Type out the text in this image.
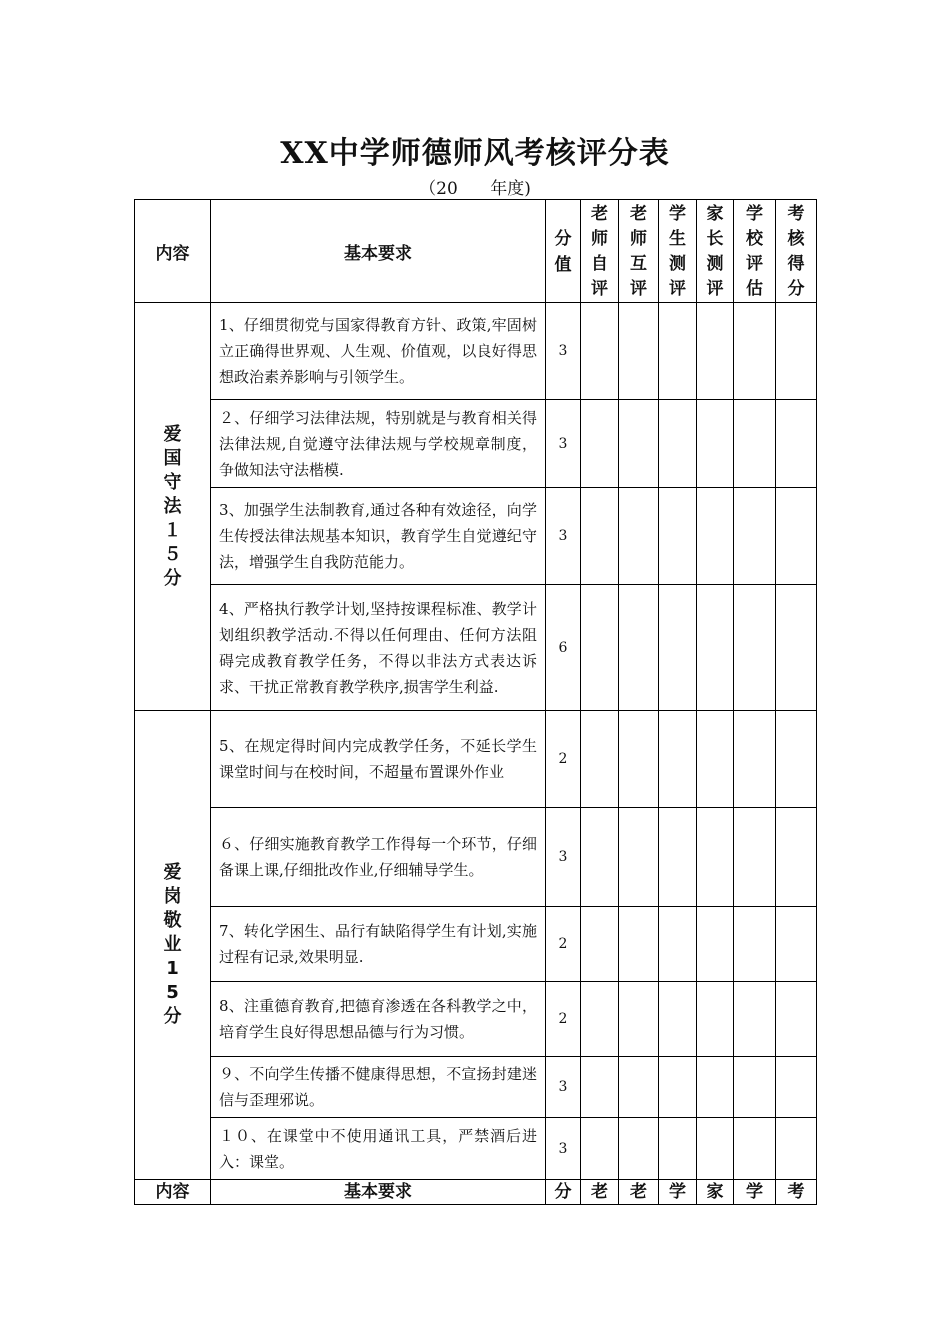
XX中学师德师风考核评分表
（20      年度)
内容	基本要求	分值	老师自评	老师互评	学生测评	家长测评	学校评估	考核得分

爱国守法１５分	1、仔细贯彻党与国家得教育方针、政策,牢固树立正确得世界观、人生观、价值观，以良好得思想政治素养影响与引领学生。	3						
	２、仔细学习法律法规，特别就是与教育相关得法律法规,自觉遵守法律法规与学校规章制度，争做知法守法楷模.	3						
	3、加强学生法制教育,通过各种有效途径，向学生传授法律法规基本知识，教育学生自觉遵纪守法，增强学生自我防范能力。	3						
	4、严格执行教学计划,坚持按课程标准、教学计划组织教学活动.不得以任何理由、任何方法阻碍完成教育教学任务，不得以非法方式表达诉求、干扰正常教育教学秩序,损害学生利益.	6						

爱岗敬业15分	5、在规定得时间内完成教学任务，不延长学生课堂时间与在校时间，不超量布置课外作业	2						
	６、仔细实施教育教学工作得每一个环节，仔细备课上课,仔细批改作业,仔细辅导学生。	3						
	7、转化学困生、品行有缺陷得学生有计划,实施过程有记录,效果明显.	2						
	8、注重德育教育,把德育渗透在各科教学之中，培育学生良好得思想品德与行为习惯。	2						
	９、不向学生传播不健康得思想，不宣扬封建迷信与歪理邪说。	3						
	１０、在课堂中不使用通讯工具，严禁酒后进入：课堂。	3						
内容	基本要求	分	老	老	学	家	学	考
